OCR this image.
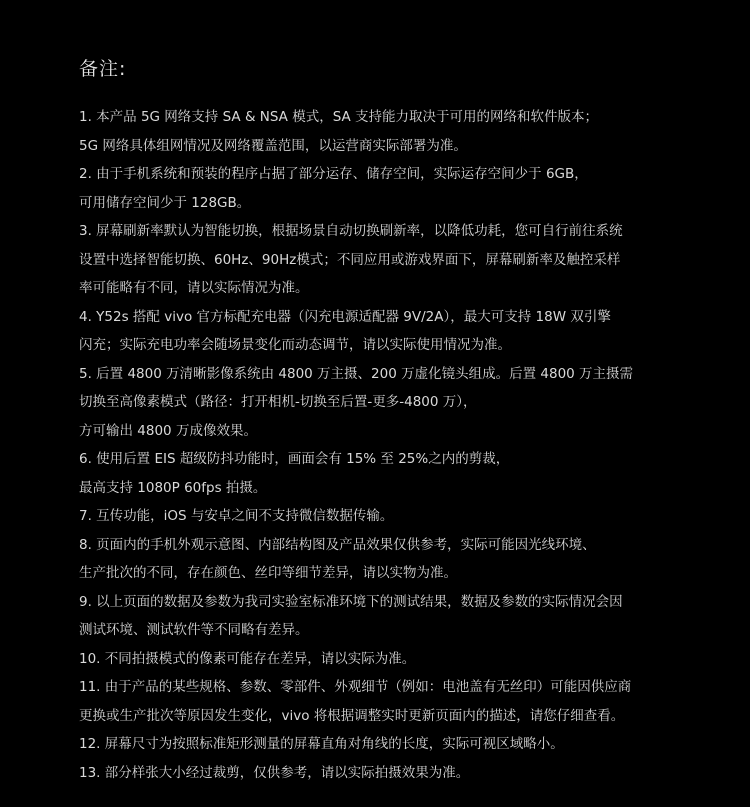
备注:
1. 本产品 5G 网络支持 SA & NSA 模式，SA 支持能力取决于可用的网络和软件版本；
5G 网络具体组网情况及网络覆盖范围，以运营商实际部署为准。
2. 由于手机系统和预装的程序占据了部分运存、储存空间，实际运存空间少于 6GB，
可用储存空间少于 128GB。
3. 屏幕刷新率默认为智能切换，根据场景自动切换刷新率，以降低功耗，您可自行前往系统
设置中选择智能切换、60Hz、90Hz模式；不同应用或游戏界面下，屏幕刷新率及触控采样
率可能略有不同，请以实际情况为准。
4. Y52s 搭配 vivo 官方标配充电器（闪充电源适配器 9V/2A），最大可支持 18W 双引擎
闪充；实际充电功率会随场景变化而动态调节，请以实际使用情况为准。
5. 后置 4800 万清晰影像系统由 4800 万主摄、200 万虚化镜头组成。后置 4800 万主摄需
切换至高像素模式（路径：打开相机-切换至后置-更多-4800 万），
方可输出 4800 万成像效果。
6. 使用后置 EIS 超级防抖功能时，画面会有 15% 至 25%之内的剪裁，
最高支持 1080P 60fps 拍摄。
7. 互传功能，iOS 与安卓之间不支持微信数据传输。
8. 页面内的手机外观示意图、内部结构图及产品效果仅供参考，实际可能因光线环境、
生产批次的不同，存在颜色、丝印等细节差异，请以实物为准。
9. 以上页面的数据及参数为我司实验室标准环境下的测试结果，数据及参数的实际情况会因
测试环境、测试软件等不同略有差异。
10. 不同拍摄模式的像素可能存在差异，请以实际为准。
11. 由于产品的某些规格、参数、零部件、外观细节（例如：电池盖有无丝印）可能因供应商
更换或生产批次等原因发生变化，vivo 将根据调整实时更新页面内的描述，请您仔细查看。
12. 屏幕尺寸为按照标准矩形测量的屏幕直角对角线的长度，实际可视区域略小。
13. 部分样张大小经过裁剪，仅供参考，请以实际拍摄效果为准。
